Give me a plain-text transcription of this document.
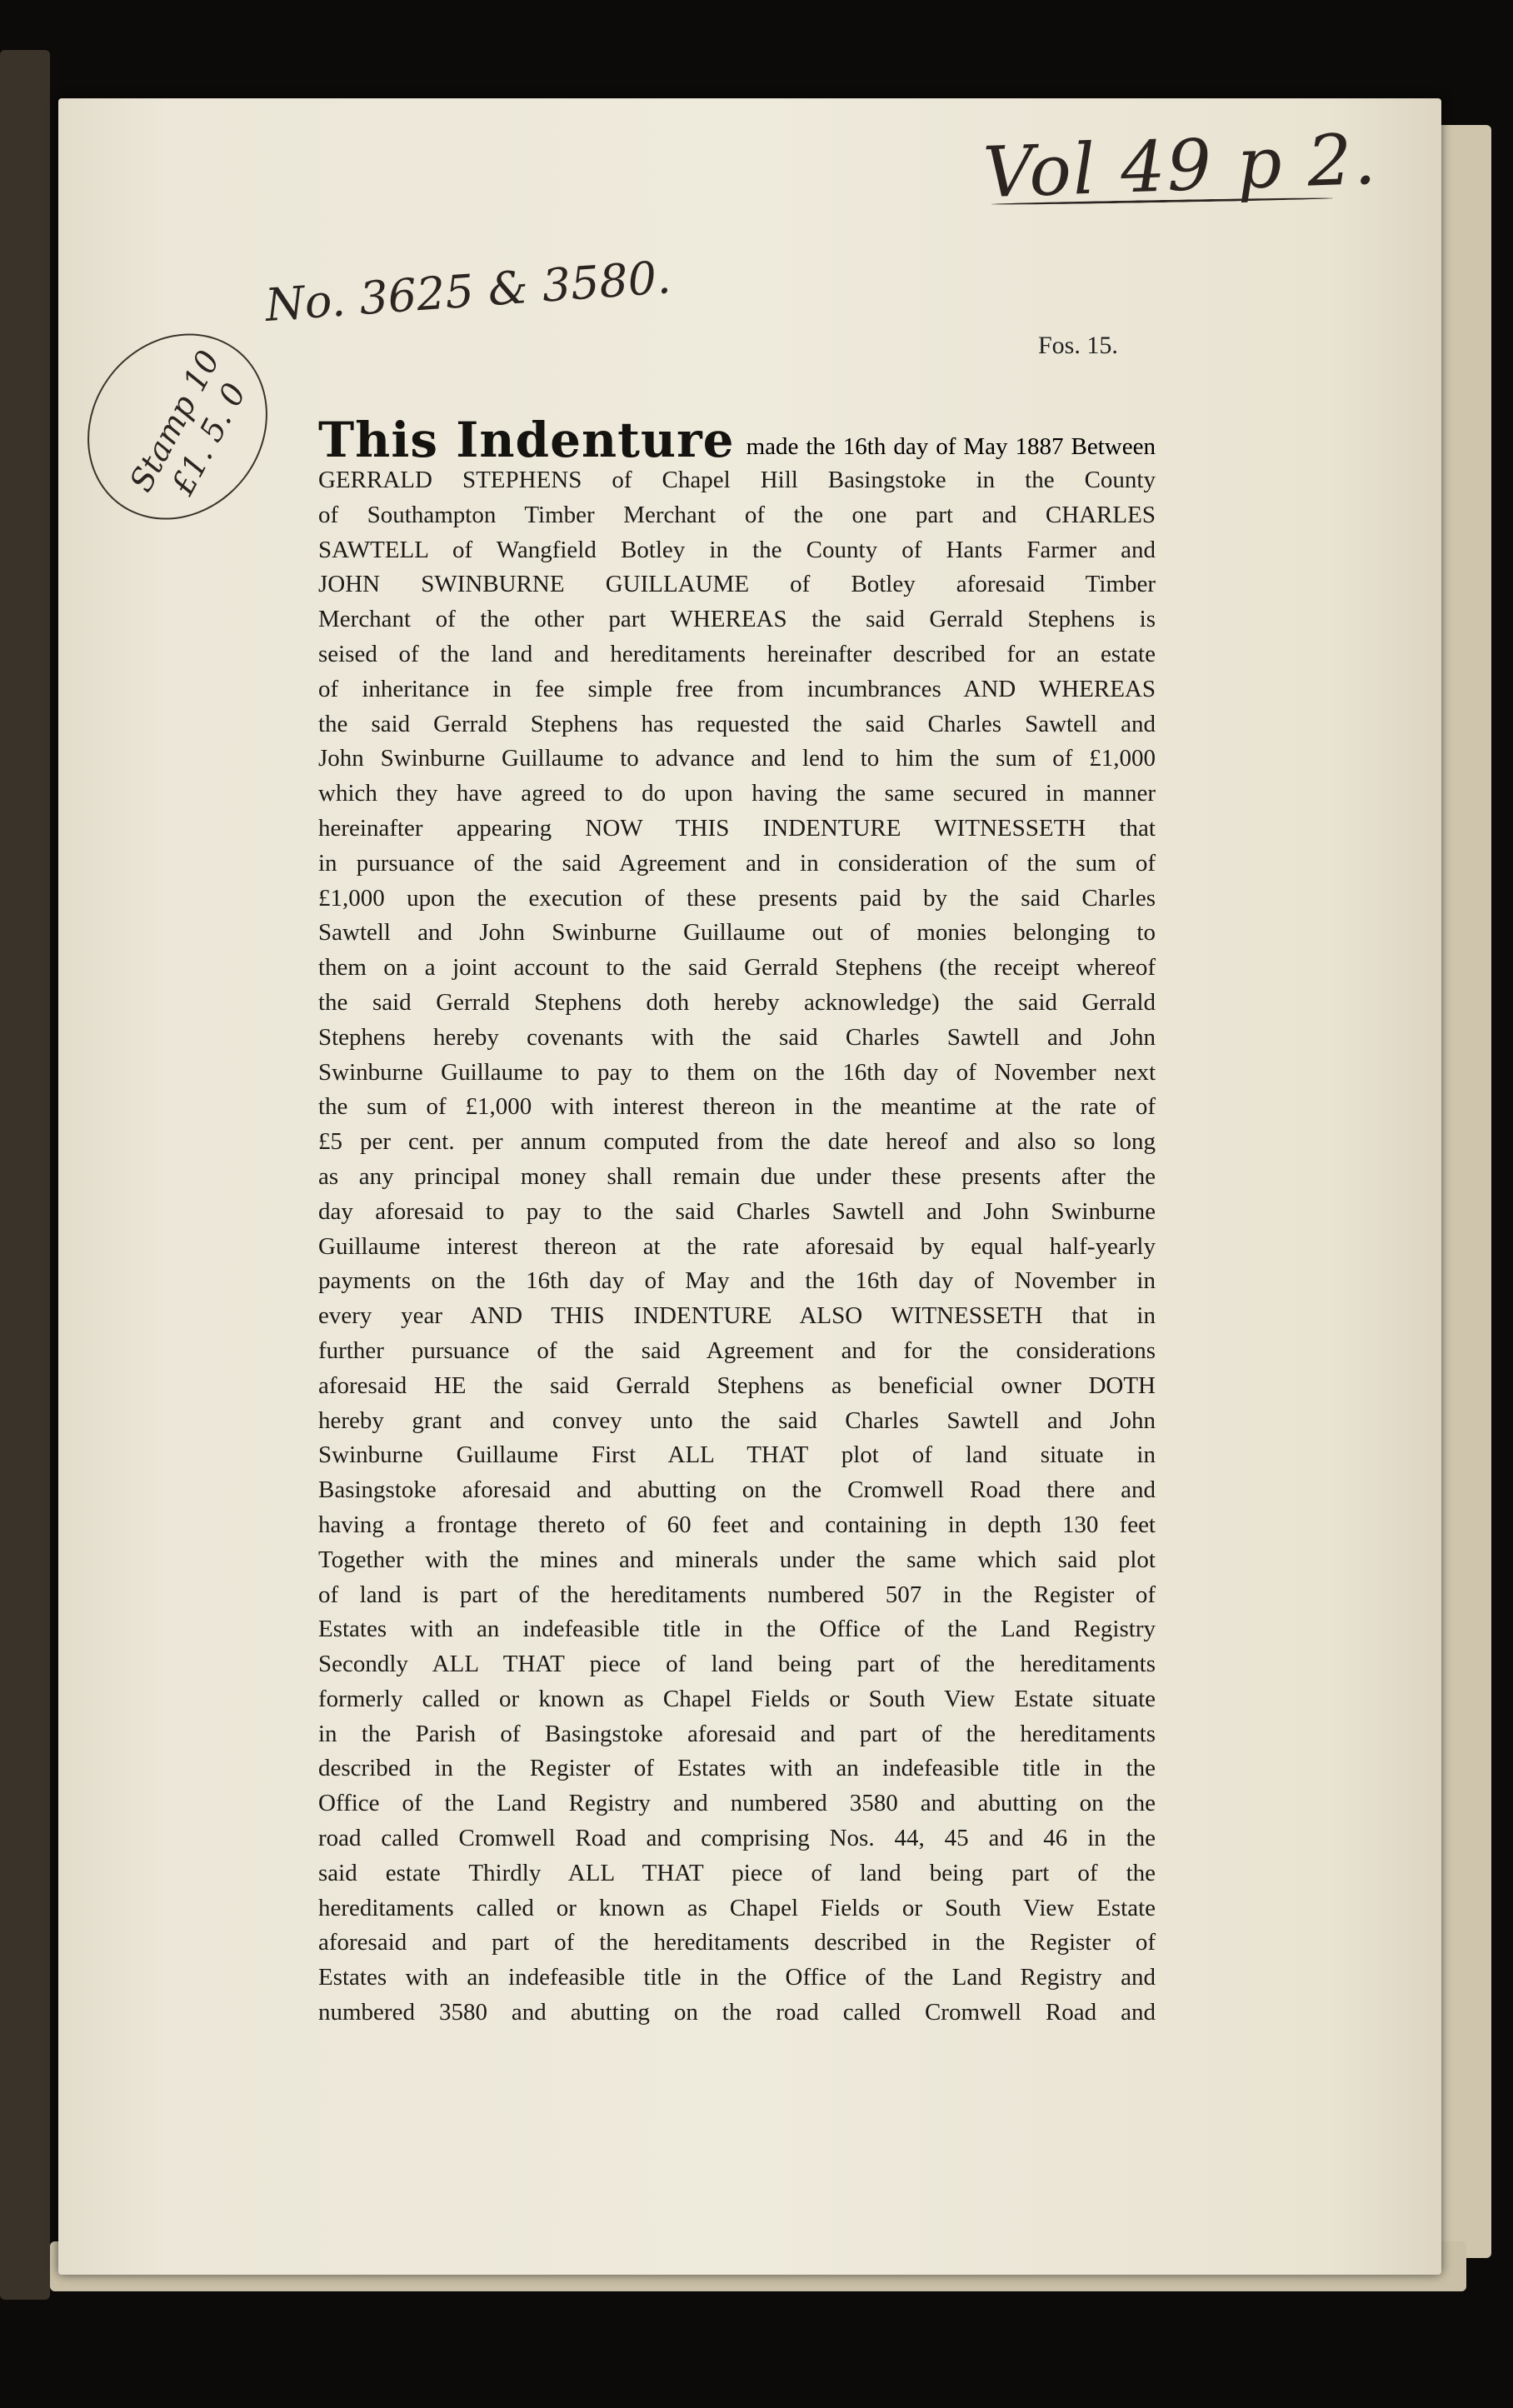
Vol 49 p 2.
No. 3625 & 3580.
Fos. 15.
Stamp 10 £1. 5. 0	This Indenture made the 16th day of May 1887 Between
GERRALD STEPHENS of Chapel Hill Basingstoke in the County
of Southampton Timber Merchant of the one part and CHARLES
SAWTELL of Wangfield Botley in the County of Hants Farmer and
JOHN SWINBURNE GUILLAUME of Botley aforesaid Timber
Merchant of the other part WHEREAS the said Gerrald Stephens is
seised of the land and hereditaments hereinafter described for an estate
of inheritance in fee simple free from incumbrances AND WHEREAS
the said Gerrald Stephens has requested the said Charles Sawtell and
John Swinburne Guillaume to advance and lend to him the sum of £1,000
which they have agreed to do upon having the same secured in manner
hereinafter appearing NOW THIS INDENTURE WITNESSETH that
in pursuance of the said Agreement and in consideration of the sum of
£1,000 upon the execution of these presents paid by the said Charles
Sawtell and John Swinburne Guillaume out of monies belonging to
them on a joint account to the said Gerrald Stephens (the receipt whereof
the said Gerrald Stephens doth hereby acknowledge) the said Gerrald
Stephens hereby covenants with the said Charles Sawtell and John
Swinburne Guillaume to pay to them on the 16th day of November next
the sum of £1,000 with interest thereon in the meantime at the rate of
£5 per cent. per annum computed from the date hereof and also so long
as any principal money shall remain due under these presents after the
day aforesaid to pay to the said Charles Sawtell and John Swinburne
Guillaume interest thereon at the rate aforesaid by equal half-yearly
payments on the 16th day of May and the 16th day of November in
every year AND THIS INDENTURE ALSO WITNESSETH that in
further pursuance of the said Agreement and for the considerations
aforesaid HE the said Gerrald Stephens as beneficial owner DOTH
hereby grant and convey unto the said Charles Sawtell and John
Swinburne Guillaume First ALL THAT plot of land situate in
Basingstoke aforesaid and abutting on the Cromwell Road there and
having a frontage thereto of 60 feet and containing in depth 130 feet
Together with the mines and minerals under the same which said plot
of land is part of the hereditaments numbered 507 in the Register of
Estates with an indefeasible title in the Office of the Land Registry
Secondly ALL THAT piece of land being part of the hereditaments
formerly called or known as Chapel Fields or South View Estate situate
in the Parish of Basingstoke aforesaid and part of the hereditaments
described in the Register of Estates with an indefeasible title in the
Office of the Land Registry and numbered 3580 and abutting on the
road called Cromwell Road and comprising Nos. 44, 45 and 46 in the
said estate Thirdly ALL THAT piece of land being part of the
hereditaments called or known as Chapel Fields or South View Estate
aforesaid and part of the hereditaments described in the Register of
Estates with an indefeasible title in the Office of the Land Registry and
numbered 3580 and abutting on the road called Cromwell Road and
